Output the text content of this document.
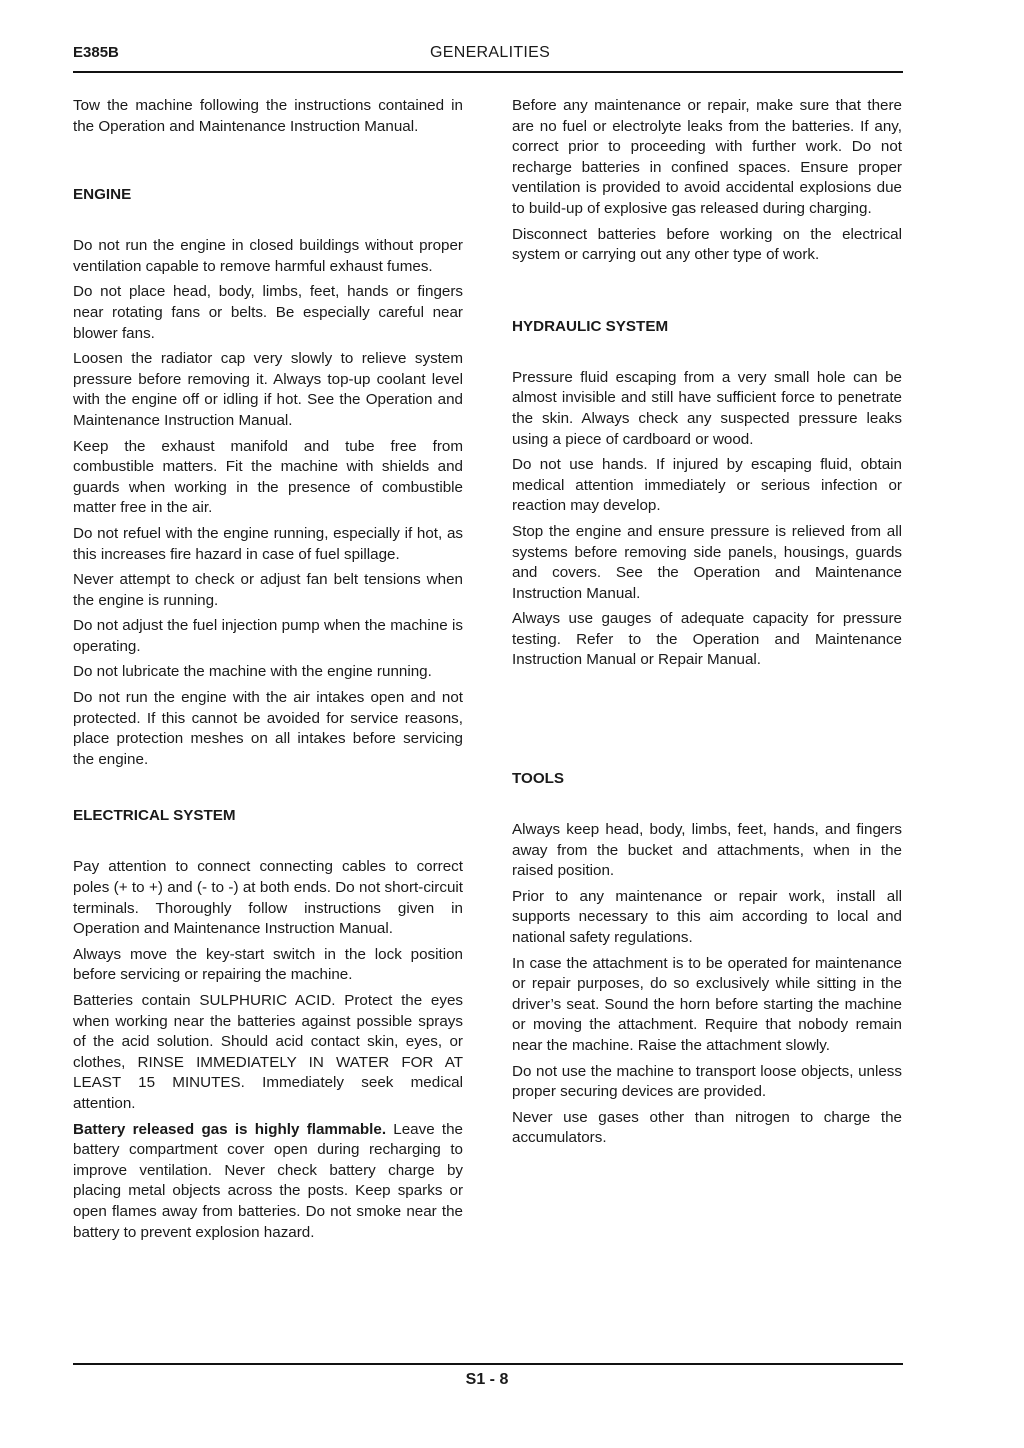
E385B	GENERALITIES

Tow the machine following the instructions contained in the Operation and Maintenance Instruction Manual.

ENGINE

Do not run the engine in closed buildings without proper ventilation capable to remove harmful exhaust fumes.

Do not place head, body, limbs, feet, hands or fingers near rotating fans or belts. Be especially careful near blower fans.

Loosen the radiator cap very slowly to relieve system pressure before removing it. Always top-up coolant level with the engine off or idling if hot. See the Operation and Maintenance Instruction Manual.

Keep the exhaust manifold and tube free from combustible matters. Fit the machine with shields and guards when working in the presence of combustible matter free in the air.

Do not refuel with the engine running, especially if hot, as this increases fire hazard in case of fuel spillage.

Never attempt to check or adjust fan belt tensions when the engine is running.

Do not adjust the fuel injection pump when the machine is operating.

Do not lubricate the machine with the engine running.

Do not run the engine with the air intakes open and not protected. If this cannot be avoided for service reasons, place protection meshes on all intakes before servicing the engine.

ELECTRICAL SYSTEM

Pay attention to connect connecting cables to correct poles (+ to +) and (- to -) at both ends. Do not short-circuit terminals. Thoroughly follow instructions given in Operation and Maintenance Instruction Manual.

Always move the key-start switch in the lock position before servicing or repairing the machine.

Batteries contain SULPHURIC ACID. Protect the eyes when working near the batteries against possible sprays of the acid solution. Should acid contact skin, eyes, or clothes, RINSE IMMEDIATELY IN WATER FOR AT LEAST 15 MINUTES. Immediately seek medical attention.

Battery released gas is highly flammable. Leave the battery compartment cover open during recharging to improve ventilation. Never check battery charge by placing metal objects across the posts. Keep sparks or open flames away from batteries. Do not smoke near the battery to prevent explosion hazard.

Before any maintenance or repair, make sure that there are no fuel or electrolyte leaks from the batteries. If any, correct prior to proceeding with further work. Do not recharge batteries in confined spaces. Ensure proper ventilation is provided to avoid accidental explosions due to build-up of explosive gas released during charging.

Disconnect batteries before working on the electrical system or carrying out any other type of work.

HYDRAULIC SYSTEM

Pressure fluid escaping from a very small hole can be almost invisible and still have sufficient force to penetrate the skin. Always check any suspected pressure leaks using a piece of cardboard or wood.

Do not use hands. If injured by escaping fluid, obtain medical attention immediately or serious infection or reaction may develop.

Stop the engine and ensure pressure is relieved from all systems before removing side panels, housings, guards and covers. See the Operation and Maintenance Instruction Manual.

Always use gauges of adequate capacity for pressure testing. Refer to the Operation and Maintenance Instruction Manual or Repair Manual.

TOOLS

Always keep head, body, limbs, feet, hands, and fingers away from the bucket and attachments, when in the raised position.

Prior to any maintenance or repair work, install all supports necessary to this aim according to local and national safety regulations.

In case the attachment is to be operated for maintenance or repair purposes, do so exclusively while sitting in the driver’s seat. Sound the horn before starting the machine or moving the attachment. Require that nobody remain near the machine. Raise the attachment slowly.

Do not use the machine to transport loose objects, unless proper securing devices are provided.

Never use gases other than nitrogen to charge the accumulators.

S1 - 8
